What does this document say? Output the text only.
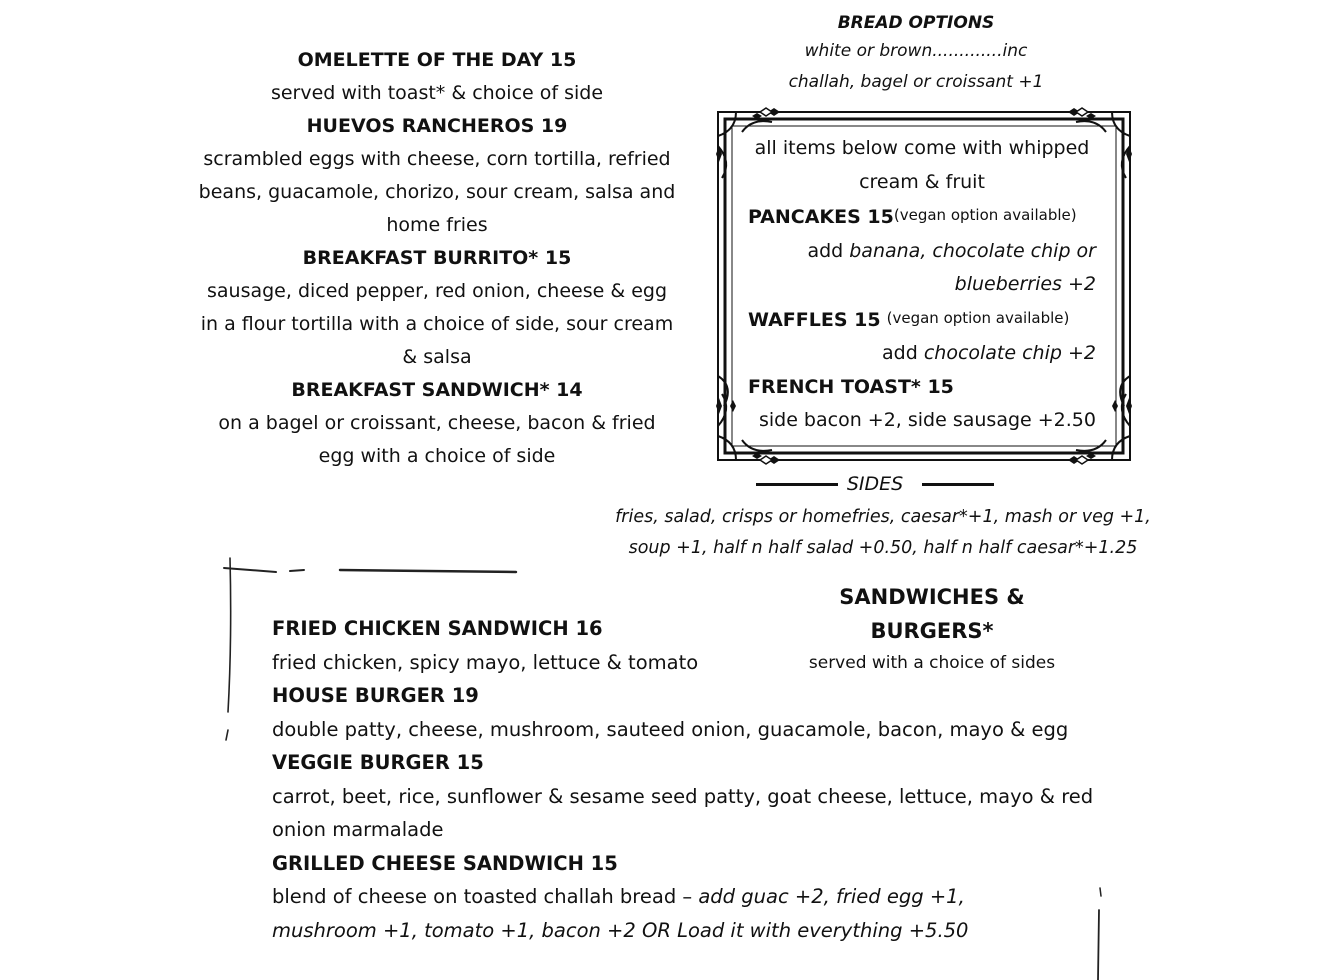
OMELETTE OF THE DAY 15
served with toast* & choice of side
HUEVOS RANCHEROS 19
scrambled eggs with cheese, corn tortilla, refried
beans, guacamole, chorizo, sour cream, salsa and
home fries
BREAKFAST BURRITO* 15
sausage, diced pepper, red onion, cheese & egg
in a flour tortilla with a choice of side, sour cream
& salsa
BREAKFAST SANDWICH* 14
on a bagel or croissant, cheese, bacon & fried
egg with a choice of side
BREAD OPTIONS
white or brown.............inc
challah, bagel or croissant +1
all items below come with whipped
cream & fruit
PANCAKES $15^{(vegan option available)}$
add banana, chocolate chip or
blueberries +2
WAFFLES 15 $^{(vegan option available)}$
add chocolate chip +2
FRENCH TOAST* 15
side bacon +2, side sausage +2.50
SIDES
fries, salad, crisps or homefries, caesar*+1, mash or veg +1,
soup +1, half n half salad +0.50, half n half caesar*+1.25
SANDWICHES & BURGERS*
served with a choice of sides
FRIED CHICKEN SANDWICH 16
fried chicken, spicy mayo, lettuce & tomato
HOUSE BURGER 19
double patty, cheese, mushroom, sauteed onion, guacamole, bacon, mayo & egg
VEGGIE BURGER 15
carrot, beet, rice, sunflower & sesame seed patty, goat cheese, lettuce, mayo & red
onion marmalade
GRILLED CHEESE SANDWICH 15
blend of cheese on toasted challah bread – add guac +2, fried egg +1,
mushroom +1, tomato +1, bacon +2 OR Load it with everything +5.50
